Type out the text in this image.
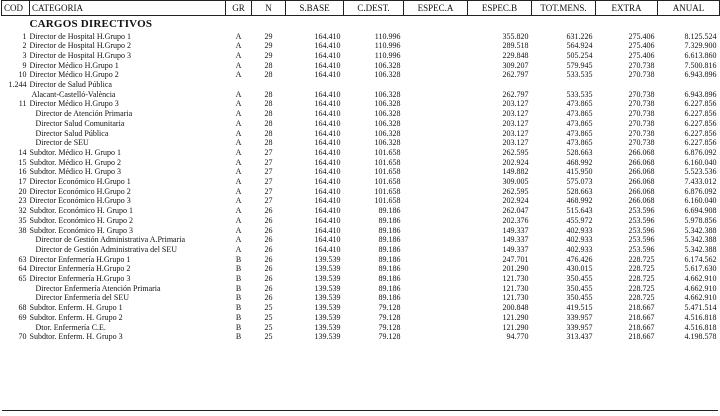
COD	CATEGORIA	GR	N	S.BASE	C.DEST.	ESPEC.A	ESPEC.B	TOT.MENS.	EXTRA	ANUAL
	CARGOS DIRECTIVOS									
1	Director de Hospital H.Grupo 1	A	29	164.410	110.996		355.820	631.226	275.406	8.125.524
2	Director de Hospital H.Grupo 2	A	29	164.410	110.996		289.518	564.924	275.406	7.329.900
3	Director de Hospital H.Grupo 3	A	29	164.410	110.996		229.848	505.254	275.406	6.613.860
9	Director Médico H.Grupo 1	A	28	164.410	106.328		309.207	579.945	270.738	7.500.816
10	Director Médico H.Grupo 2	A	28	164.410	106.328		262.797	533.535	270.738	6.943.896
1.244	Director de Salud Pública									
	Alacant-Castelló-València	A	28	164.410	106.328		262.797	533.535	270.738	6.943.896
11	Director Médico H.Grupo 3	A	28	164.410	106.328		203.127	473.865	270.738	6.227.856
	Director de Atención Primaria	A	28	164.410	106.328		203.127	473.865	270.738	6.227.856
	Director Salud Comunitaria	A	28	164.410	106.328		203.127	473.865	270.738	6.227.856
	Director Salud Pública	A	28	164.410	106.328		203.127	473.865	270.738	6.227.856
	Director de SEU	A	28	164.410	106.328		203.127	473.865	270.738	6.227.856
14	Subdtor. Médico H. Grupo 1	A	27	164.410	101.658		262.595	528.663	266.068	6.876.092
15	Subdtor. Médico H. Grupo 2	A	27	164.410	101.658		202.924	468.992	266.068	6.160.040
16	Subdtor. Médico H. Grupo 3	A	27	164.410	101.658		149.882	415.950	266.068	5.523.536
17	Director Económico H.Grupo 1	A	27	164.410	101.658		309.005	575.073	266.068	7.433.012
20	Director Económico H.Grupo 2	A	27	164.410	101.658		262.595	528.663	266.068	6.876.092
23	Director Económico H.Grupo 3	A	27	164.410	101.658		202.924	468.992	266.068	6.160.040
32	Subdtor. Económico H. Grupo 1	A	26	164.410	89.186		262.047	515.643	253.596	6.694.908
35	Subdtor. Económico H. Grupo 2	A	26	164.410	89.186		202.376	455.972	253.596	5.978.856
38	Subdtor. Económico H. Grupo 3	A	26	164.410	89.186		149.337	402.933	253.596	5.342.388
	Director de Gestión Administrativa A.Primaria	A	26	164.410	89.186		149.337	402.933	253.596	5.342.388
	Director de Gestión Administrativa del SEU	A	26	164.410	89.186		149.337	402.933	253.596	5.342.388
63	Director Enfermería H.Grupo 1	B	26	139.539	89.186		247.701	476.426	228.725	6.174.562
64	Director Enfermería H.Grupo 2	B	26	139.539	89.186		201.290	430.015	228.725	5.617.630
65	Director Enfermería H.Grupo 3	B	26	139.539	89.186		121.730	350.455	228.725	4.662.910
	Director Enfermería Atención Primaria	B	26	139.539	89.186		121.730	350.455	228.725	4.662.910
	Director Enfermería del SEU	B	26	139.539	89.186		121.730	350.455	228.725	4.662.910
68	Subdtor. Enferm. H. Grupo 1	B	25	139.539	79.128		200.848	419.515	218.667	5.471.514
69	Subdtor. Enferm. H. Grupo 2	B	25	139.539	79.128		121.290	339.957	218.667	4.516.818
	Dtor. Enfermería C.E.	B	25	139.539	79.128		121.290	339.957	218.667	4.516.818
70	Subdtor. Enferm. H. Grupo 3	B	25	139.539	79.128		94.770	313.437	218.667	4.198.578
